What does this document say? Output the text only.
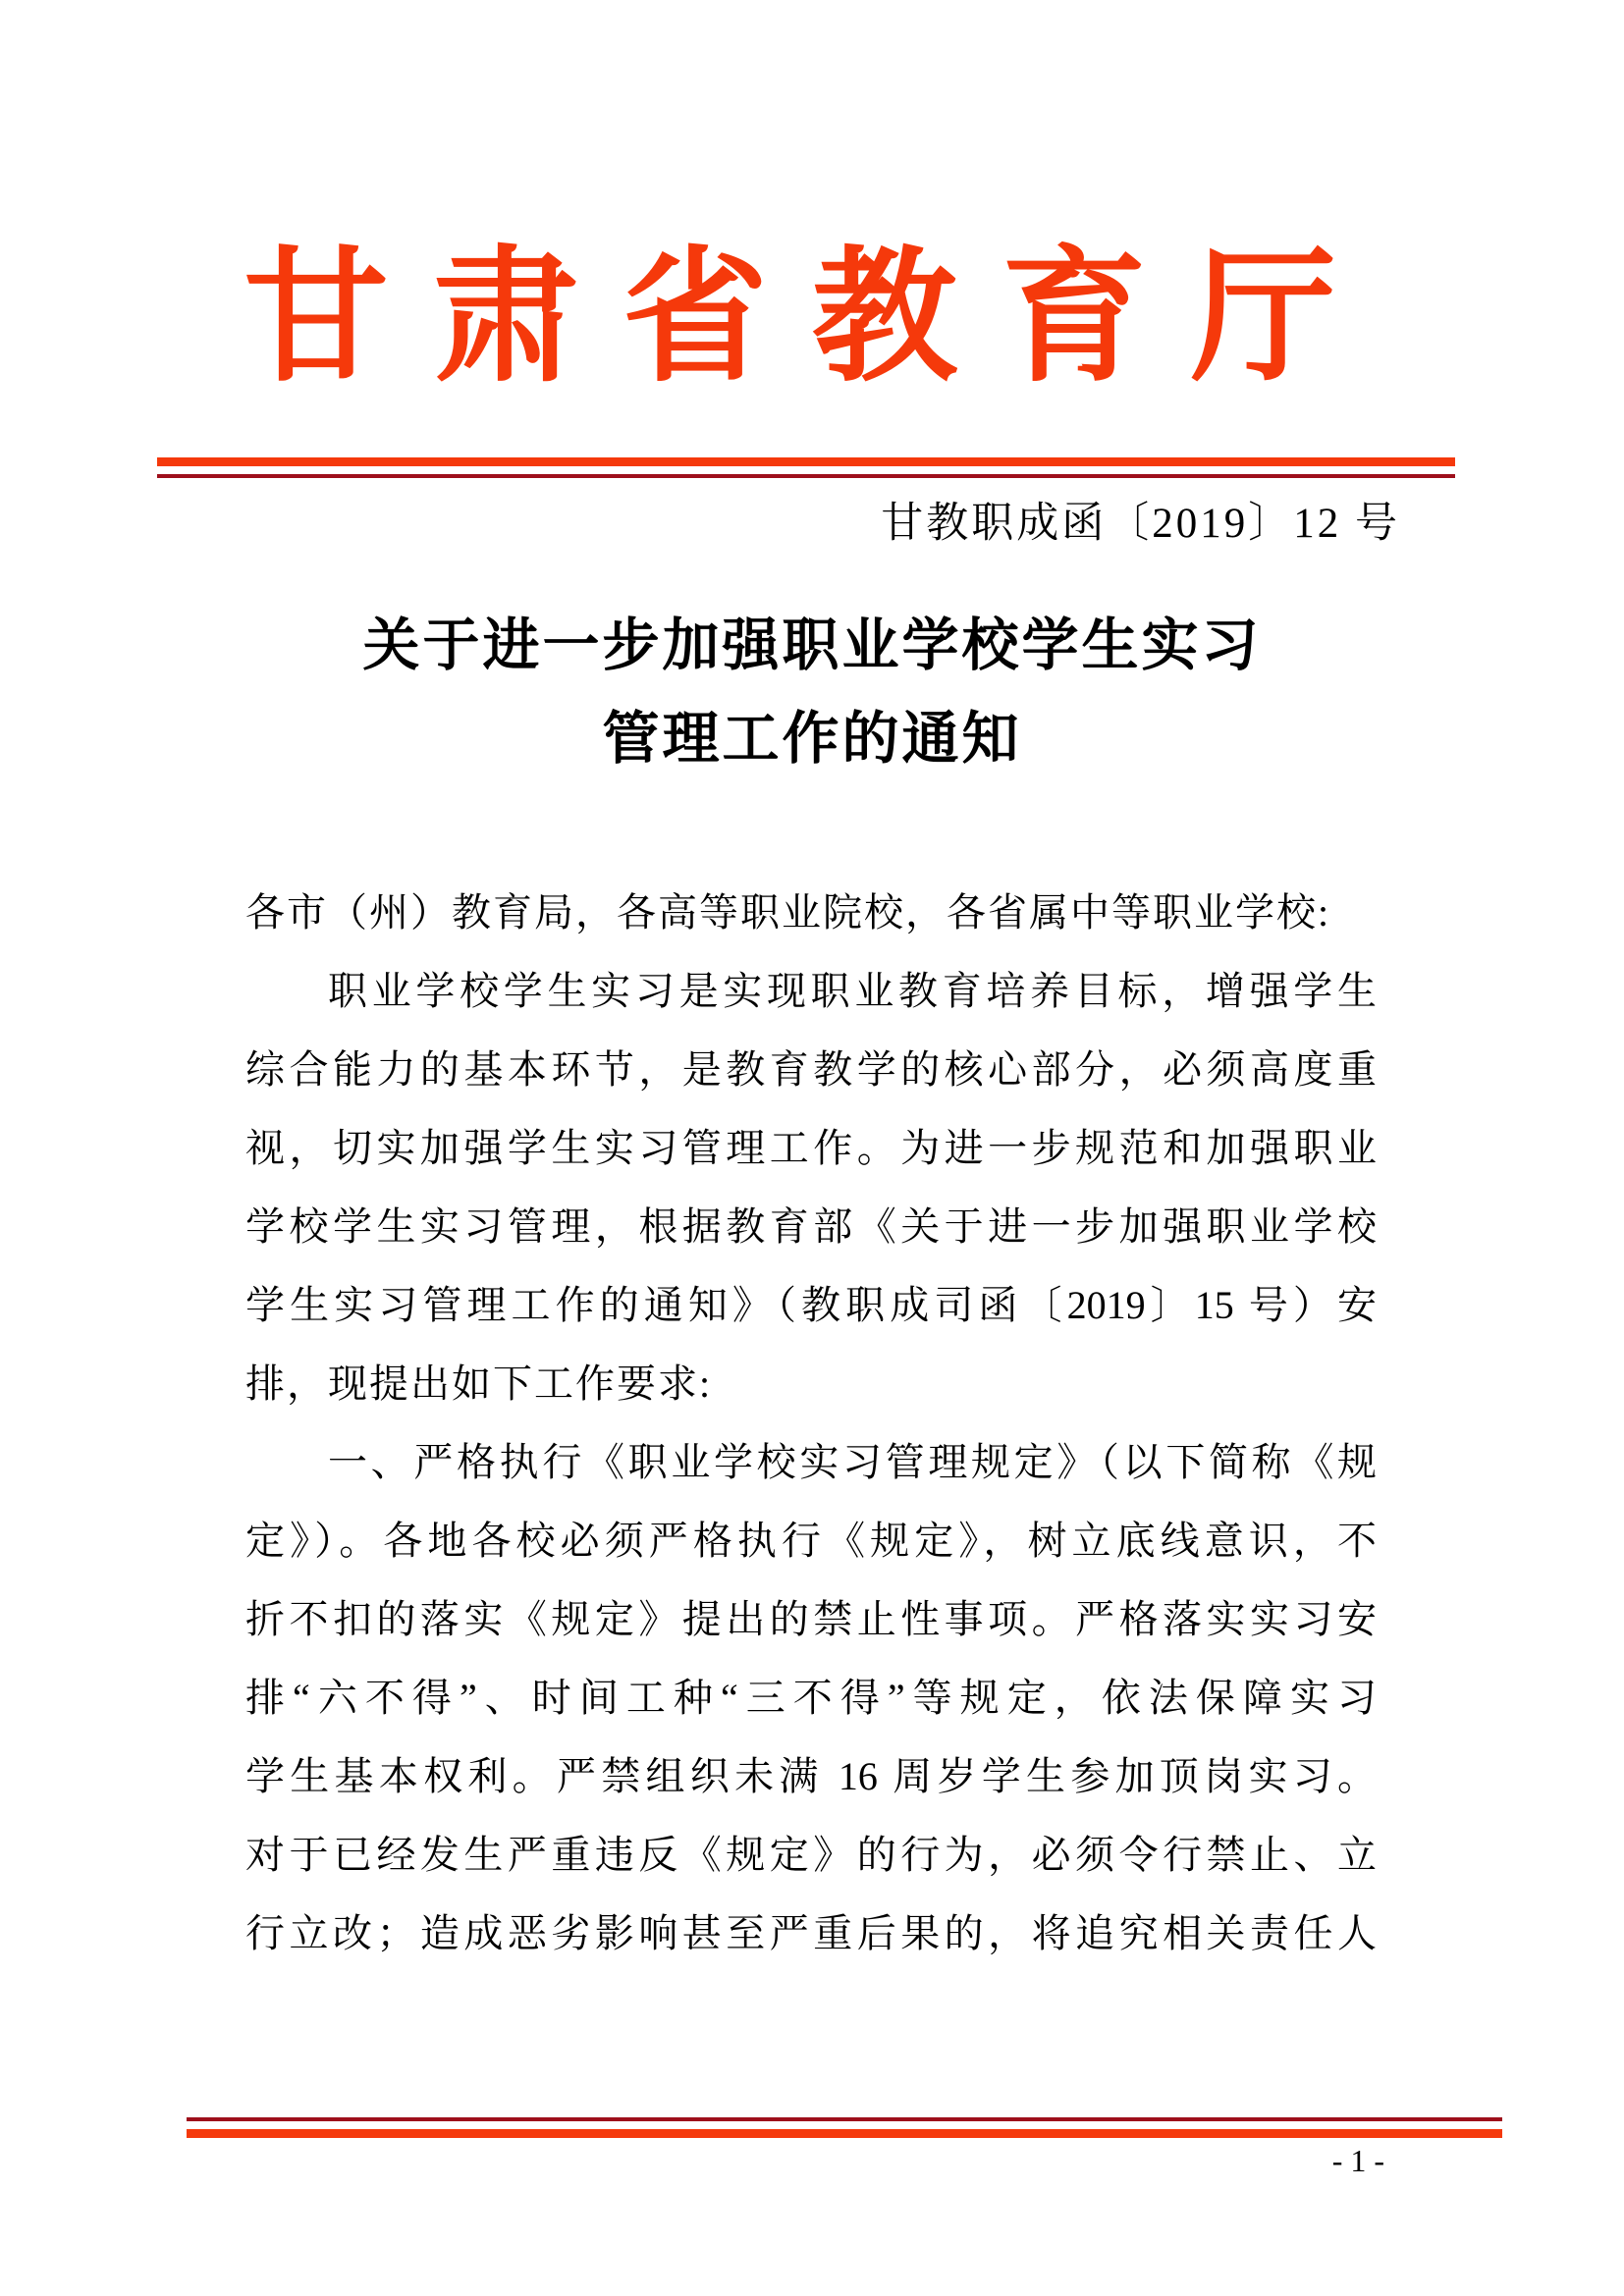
甘肃省教育厅
甘教职成函〔2019〕12 号
关于进一步加强职业学校学生实习
管理工作的通知
各市（州）教育局，各高等职业院校，各省属中等职业学校:
职业学校学生实习是实现职业教育培养目标，增强学生
综合能力的基本环节，是教育教学的核心部分，必须高度重
视，切实加强学生实习管理工作。为进一步规范和加强职业
学校学生实习管理，根据教育部《关于进一步加强职业学校
学生实习管理工作的通知》（教职成司函〔2019〕15 号）安
排，现提出如下工作要求:
一、严格执行《职业学校实习管理规定》（以下简称《规
定》）。各地各校必须严格执行《规定》，树立底线意识，不
折不扣的落实《规定》提出的禁止性事项。严格落实实习安
排“六不得”、时间工种“三不得”等规定，依法保障实习
学生基本权利。严禁组织未满 16 周岁学生参加顶岗实习。
对于已经发生严重违反《规定》的行为，必须令行禁止、立
行立改；造成恶劣影响甚至严重后果的，将追究相关责任人
- 1 -
